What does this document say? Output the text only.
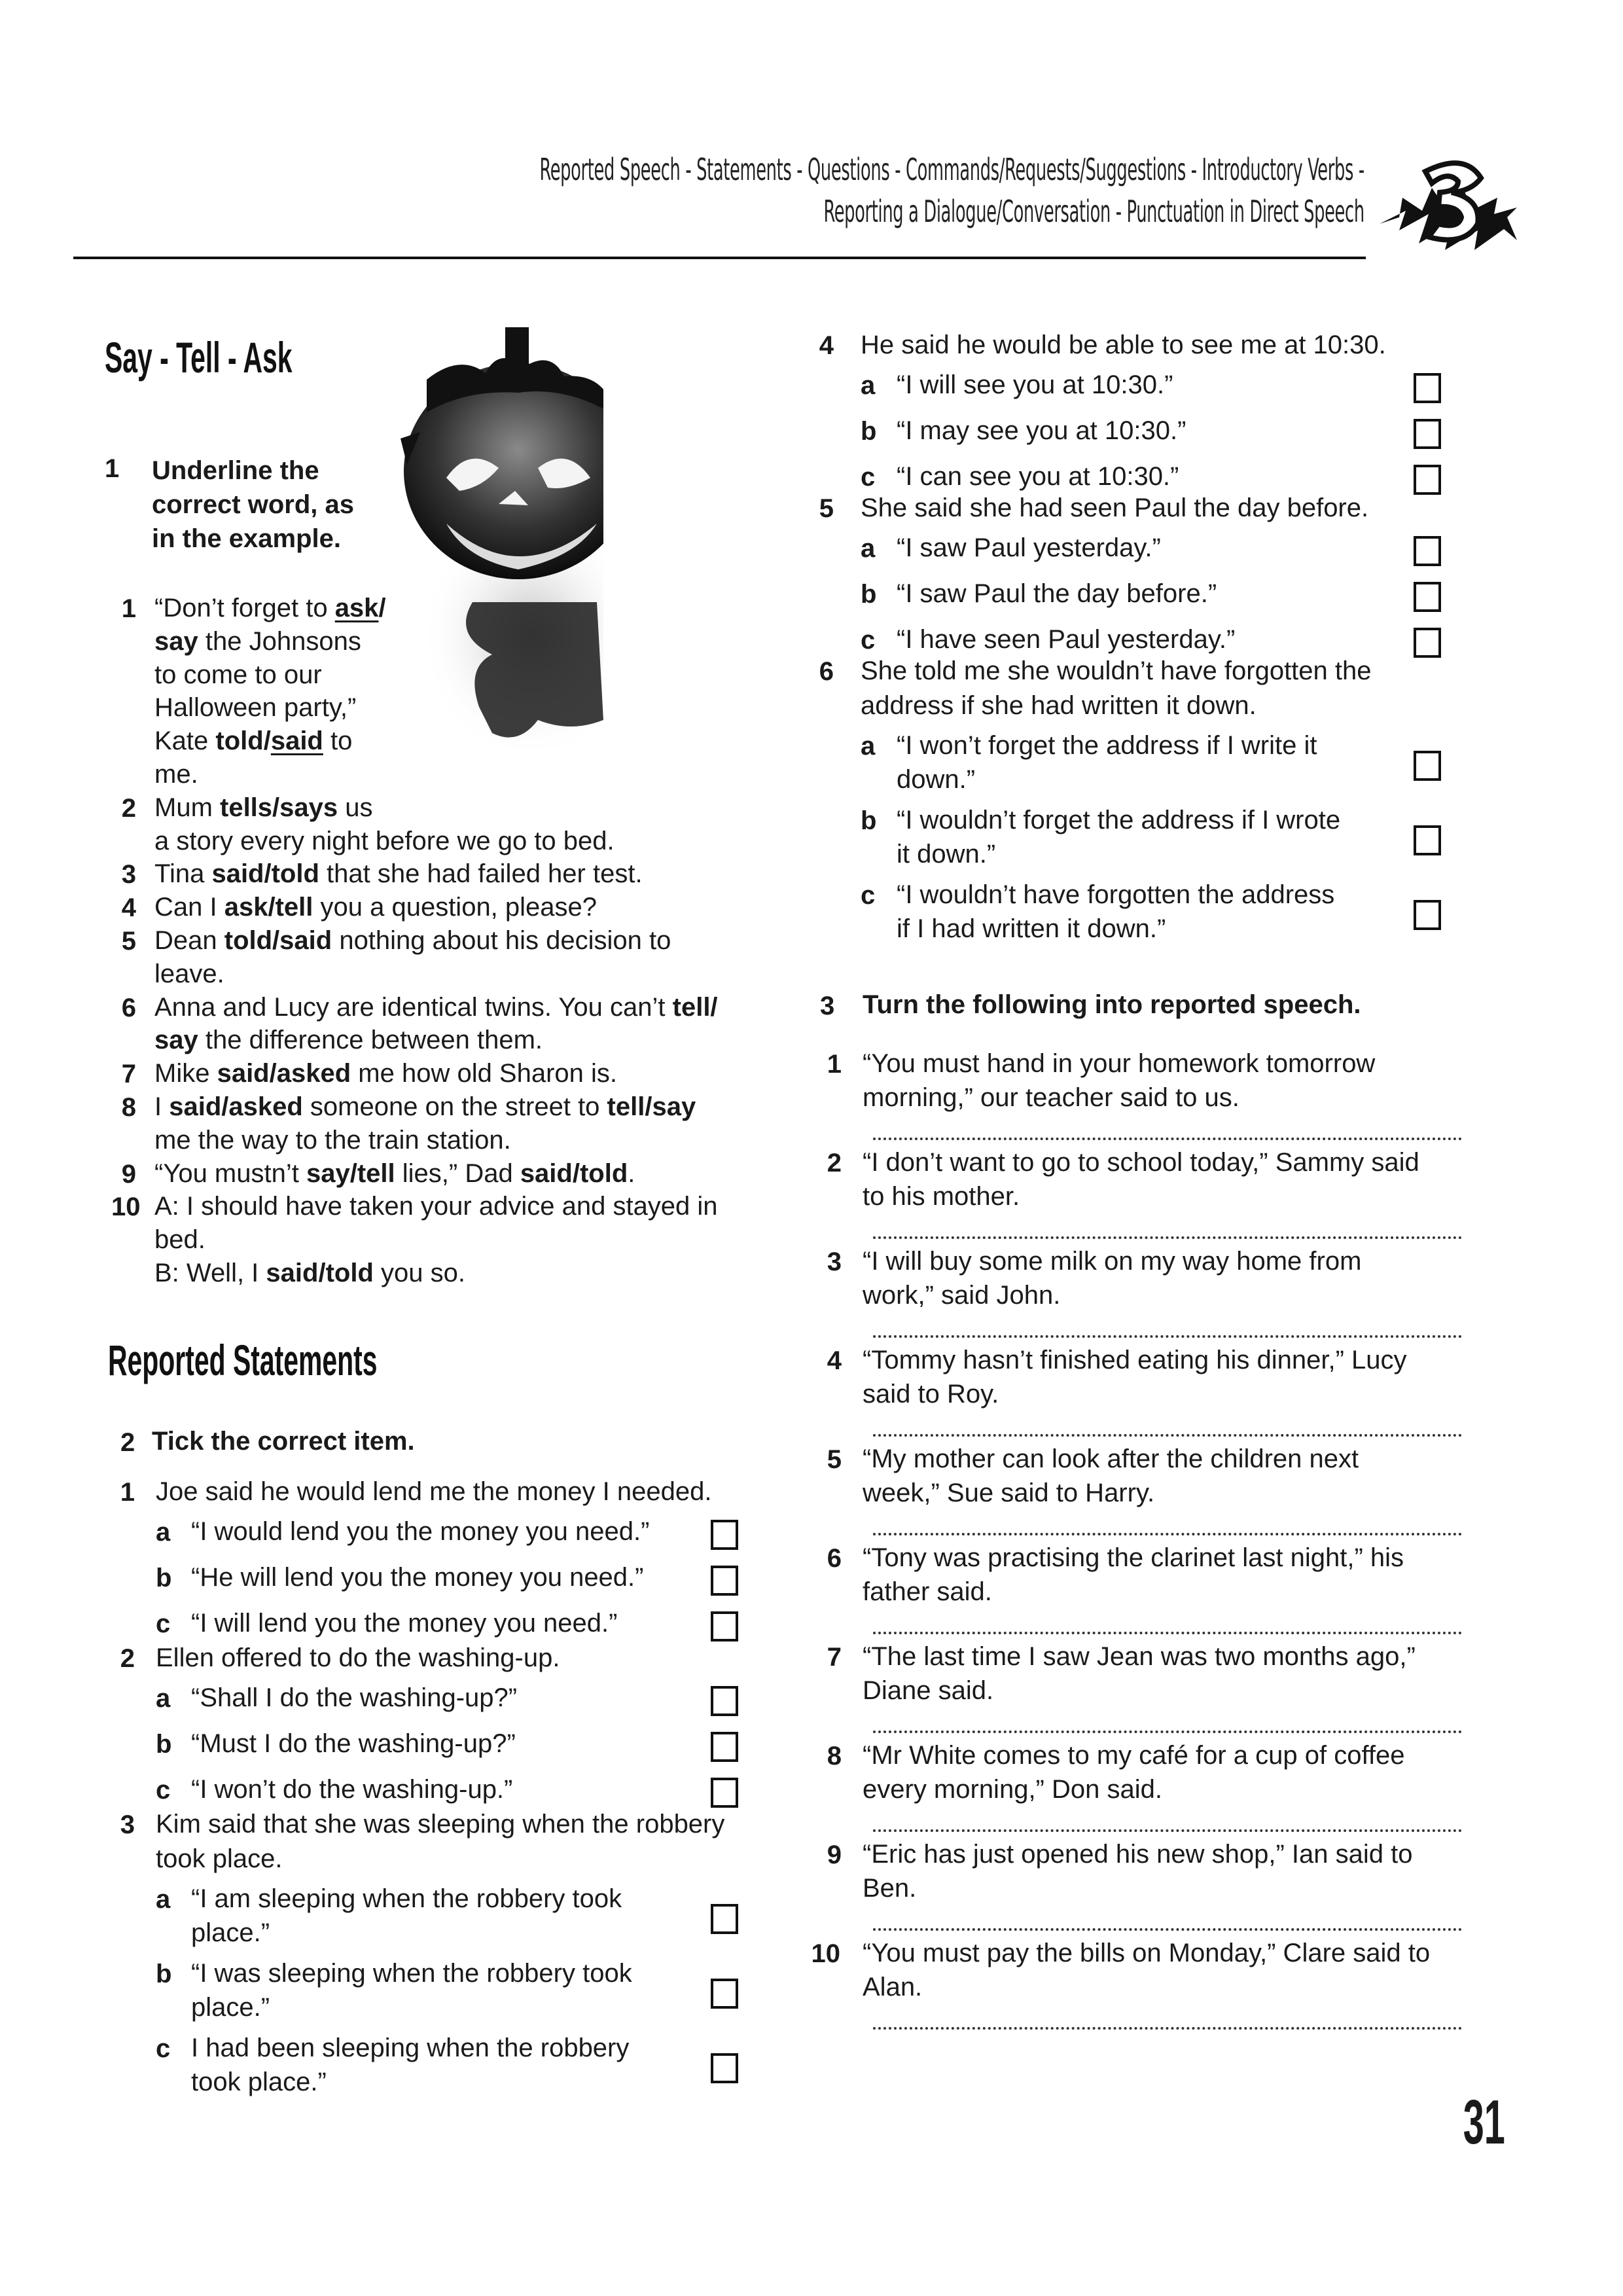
Reported Speech - Statements - Questions - Commands/Requests/Suggestions - Introductory Verbs -
Reporting a Dialogue/Conversation - Punctuation in Direct Speech	3
Say - Tell - Ask
1	Underline the
correct word, as
in the example.
1 “Don’t forget to ask/
say the Johnsons
to come to our
Halloween party,”
Kate told/said to
me.
2 Mum tells/says us
a story every night before we go to bed.
3 Tina said/told that she had failed her test.
4 Can I ask/tell you a question, please?
5 Dean told/said nothing about his decision to
leave.
6 Anna and Lucy are identical twins. You can’t tell/
say the difference between them.
7 Mike said/asked me how old Sharon is.
8 I said/asked someone on the street to tell/say
me the way to the train station.
9 “You mustn’t say/tell lies,” Dad said/told.
10 A: I should have taken your advice and stayed in
bed.
B: Well, I said/told you so.
Reported Statements
2 Tick the correct item.
1 Joe said he would lend me the money I needed.
a “I would lend you the money you need.”
b “He will lend you the money you need.”
c “I will lend you the money you need.”
2 Ellen offered to do the washing-up.
a “Shall I do the washing-up?”
b “Must I do the washing-up?”
c “I won’t do the washing-up.”
3 Kim said that she was sleeping when the robbery
took place.
a “I am sleeping when the robbery took
place.”
b “I was sleeping when the robbery took
place.”
c I had been sleeping when the robbery
took place.”
4 He said he would be able to see me at 10:30.
a “I will see you at 10:30.”
b “I may see you at 10:30.”
c “I can see you at 10:30.”
5 She said she had seen Paul the day before.
a “I saw Paul yesterday.”
b “I saw Paul the day before.”
c “I have seen Paul yesterday.”
6 She told me she wouldn’t have forgotten the
address if she had written it down.
a “I won’t forget the address if I write it
down.”
b “I wouldn’t forget the address if I wrote
it down.”
c “I wouldn’t have forgotten the address
if I had written it down.”
3	Turn the following into reported speech.
1 “You must hand in your homework tomorrow
morning,” our teacher said to us.
2 “I don’t want to go to school today,” Sammy said
to his mother.
3 “I will buy some milk on my way home from
work,” said John.
4 “Tommy hasn’t finished eating his dinner,” Lucy
said to Roy.
5 “My mother can look after the children next
week,” Sue said to Harry.
6 “Tony was practising the clarinet last night,” his
father said.
7 “The last time I saw Jean was two months ago,”
Diane said.
8 “Mr White comes to my café for a cup of coffee
every morning,” Don said.
9 “Eric has just opened his new shop,” Ian said to
Ben.
10 “You must pay the bills on Monday,” Clare said to
Alan.
31
